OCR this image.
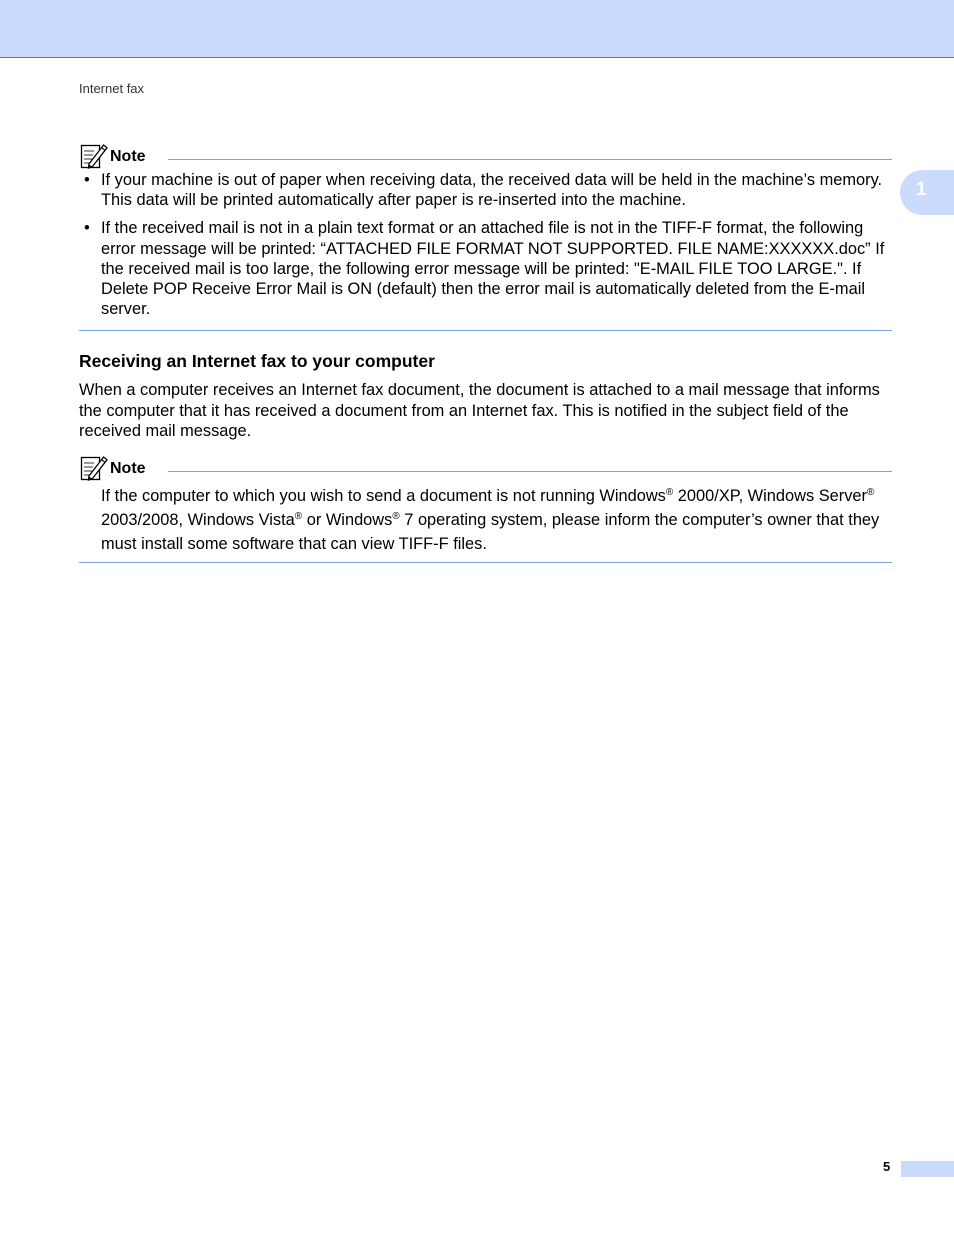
Internet fax
1
Note
• If your machine is out of paper when receiving data, the received data will be held in the machine’s memory. This data will be printed automatically after paper is re-inserted into the machine.
• If the received mail is not in a plain text format or an attached file is not in the TIFF-F format, the following error message will be printed: “ATTACHED FILE FORMAT NOT SUPPORTED. FILE NAME:XXXXXX.doc” If the received mail is too large, the following error message will be printed: "E-MAIL FILE TOO LARGE.". If Delete POP Receive Error Mail is ON (default) then the error mail is automatically deleted from the E-mail server.
Receiving an Internet fax to your computer

When a computer receives an Internet fax document, the document is attached to a mail message that informs the computer that it has received a document from an Internet fax. This is notified in the subject field of the received mail message.

Note

If the computer to which you wish to send a document is not running Windows® 2000/XP, Windows Server® 2003/2008, Windows Vista® or Windows® 7 operating system, please inform the computer’s owner that they must install some software that can view TIFF-F files.

5
